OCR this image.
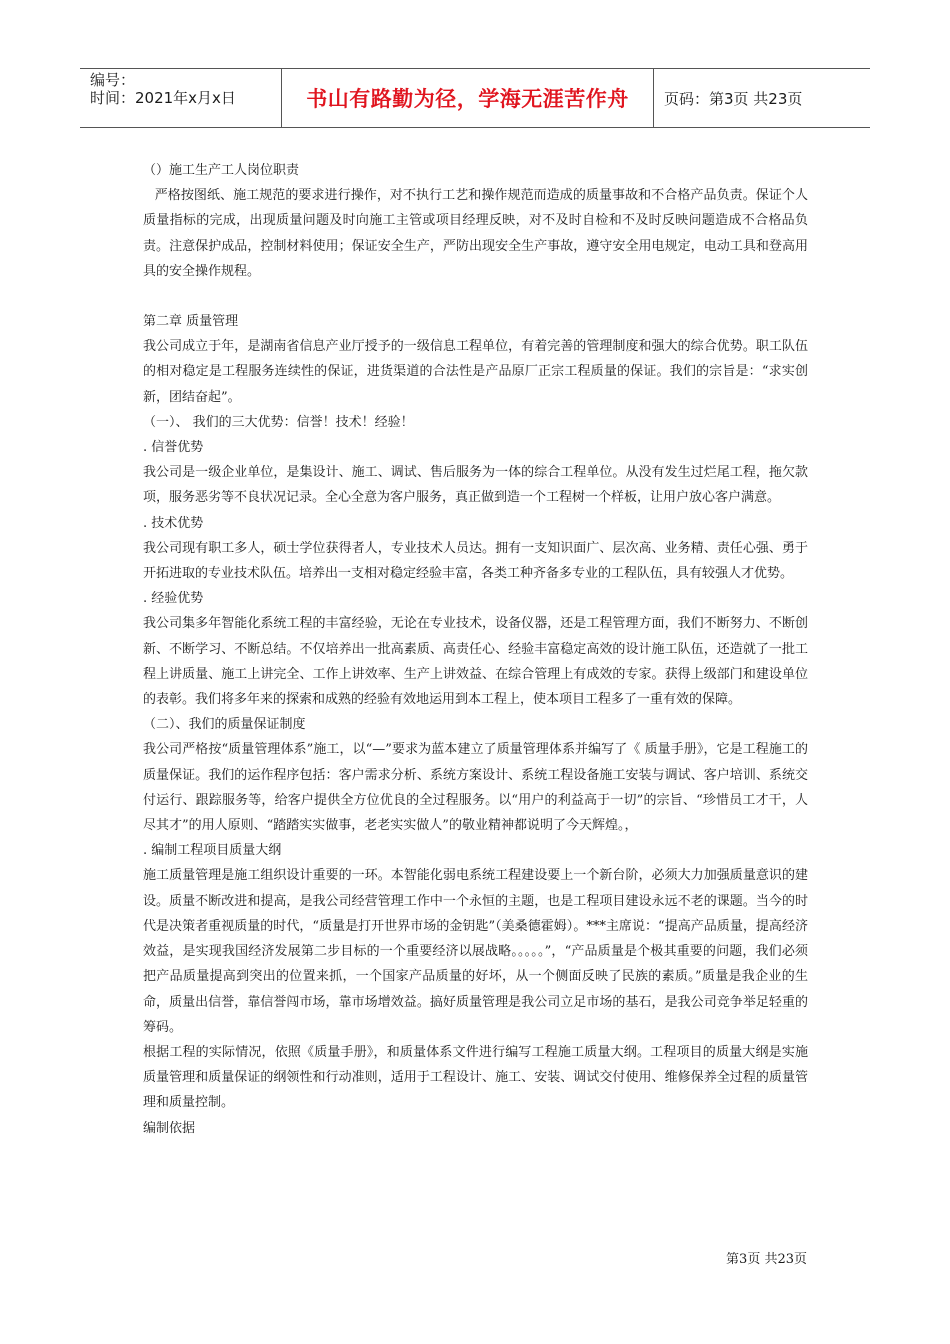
编号：
时间：2021年x月x日	书山有路勤为径，学海无涯苦作舟	页码：第3页 共23页

（）施工生产工人岗位职责

严格按图纸、施工规范的要求进行操作，对不执行工艺和操作规范而造成的质量事故和不合格产品负责。保证个人质量指标的完成，出现质量问题及时向施工主管或项目经理反映，对不及时自检和不及时反映问题造成不合格品负责。注意保护成品，控制材料使用；保证安全生产，严防出现安全生产事故，遵守安全用电规定，电动工具和登高用具的安全操作规程。

第二章 质量管理

我公司成立于年，是湖南省信息产业厅授予的一级信息工程单位，有着完善的管理制度和强大的综合优势。职工队伍的相对稳定是工程服务连续性的保证，进货渠道的合法性是产品原厂正宗工程质量的保证。我们的宗旨是：“求实创新，团结奋起”。

（一）、 我们的三大优势：信誉！技术！经验！

. 信誉优势

我公司是一级企业单位，是集设计、施工、调试、售后服务为一体的综合工程单位。从没有发生过烂尾工程，拖欠款项，服务恶劣等不良状况记录。全心全意为客户服务，真正做到造一个工程树一个样板，让用户放心客户满意。

. 技术优势

我公司现有职工多人，硕士学位获得者人，专业技术人员达。拥有一支知识面广、层次高、业务精、责任心强、勇于开拓进取的专业技术队伍。培养出一支相对稳定经验丰富，各类工种齐备多专业的工程队伍，具有较强人才优势。

. 经验优势

我公司集多年智能化系统工程的丰富经验，无论在专业技术，设备仪器，还是工程管理方面，我们不断努力、不断创新、不断学习、不断总结。不仅培养出一批高素质、高责任心、经验丰富稳定高效的设计施工队伍，还造就了一批工程上讲质量、施工上讲完全、工作上讲效率、生产上讲效益、在综合管理上有成效的专家。获得上级部门和建设单位的表彰。我们将多年来的探索和成熟的经验有效地运用到本工程上，使本项目工程多了一重有效的保障。

（二）、我们的质量保证制度

我公司严格按“质量管理体系”施工，以“—”要求为蓝本建立了质量管理体系并编写了《 质量手册》，它是工程施工的质量保证。我们的运作程序包括：客户需求分析、系统方案设计、系统工程设备施工安装与调试、客户培训、系统交付运行、跟踪服务等，给客户提供全方位优良的全过程服务。以“用户的利益高于一切”的宗旨、“珍惜员工才干，人尽其才”的用人原则、“踏踏实实做事，老老实实做人”的敬业精神都说明了今天辉煌。，

. 编制工程项目质量大纲

施工质量管理是施工组织设计重要的一环。本智能化弱电系统工程建设要上一个新台阶，必须大力加强质量意识的建设。质量不断改进和提高，是我公司经营管理工作中一个永恒的主题，也是工程项目建设永远不老的课题。当今的时代是决策者重视质量的时代，“质量是打开世界市场的金钥匙”（美桑德霍姆）。***主席说：“提高产品质量，提高经济效益，是实现我国经济发展第二步目标的一个重要经济以展战略。。。。。”，“产品质量是个极其重要的问题，我们必须把产品质量提高到突出的位置来抓，一个国家产品质量的好坏，从一个侧面反映了民族的素质。”质量是我企业的生命，质量出信誉，靠信誉闯市场，靠市场增效益。搞好质量管理是我公司立足市场的基石，是我公司竞争举足轻重的筹码。

根据工程的实际情况，依照《质量手册》，和质量体系文件进行编写工程施工质量大纲。工程项目的质量大纲是实施质量管理和质量保证的纲领性和行动准则，适用于工程设计、施工、安装、调试交付使用、维修保养全过程的质量管理和质量控制。

编制依据

第3页 共23页
